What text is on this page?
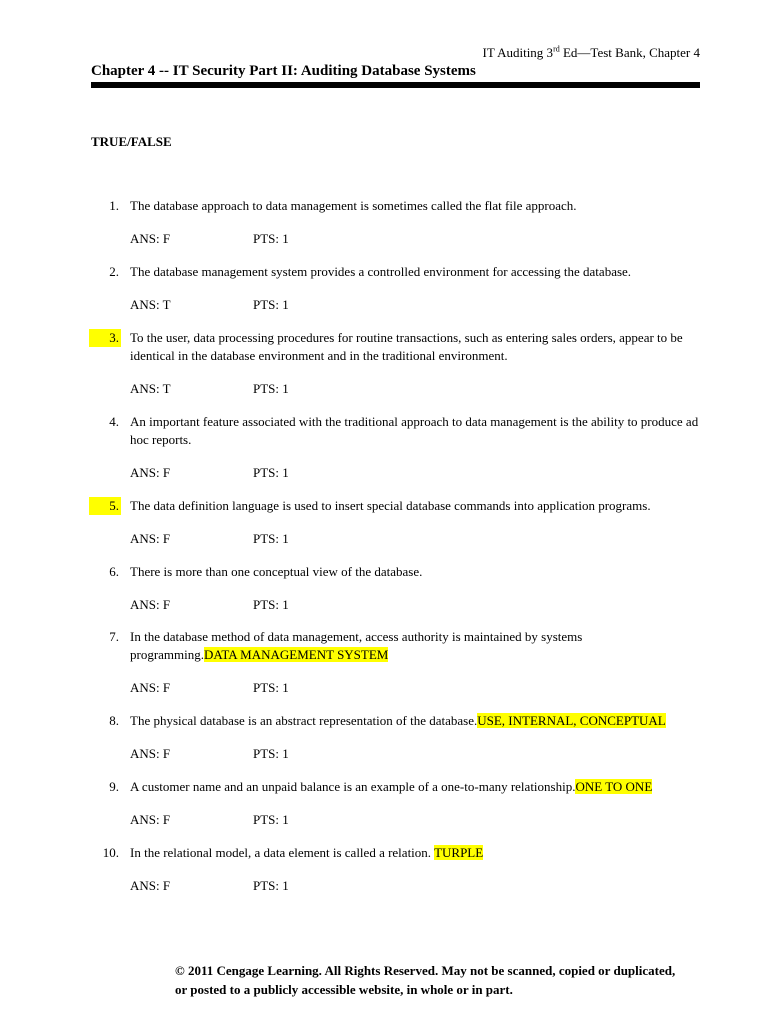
IT Auditing 3rd Ed—Test Bank, Chapter 4
Chapter 4 -- IT Security Part II: Auditing Database Systems
TRUE/FALSE
1. The database approach to data management is sometimes called the flat file approach.
ANS: F	PTS: 1
2. The database management system provides a controlled environment for accessing the database.
ANS: T	PTS: 1
3. To the user, data processing procedures for routine transactions, such as entering sales orders, appear to be identical in the database environment and in the traditional environment.
ANS: T	PTS: 1
4. An important feature associated with the traditional approach to data management is the ability to produce ad hoc reports.
ANS: F	PTS: 1
5. The data definition language is used to insert special database commands into application programs.
ANS: F	PTS: 1
6. There is more than one conceptual view of the database.
ANS: F	PTS: 1
7. In the database method of data management, access authority is maintained by systems programming.DATA MANAGEMENT SYSTEM
ANS: F	PTS: 1
8. The physical database is an abstract representation of the database.USE, INTERNAL, CONCEPTUAL
ANS: F	PTS: 1
9. A customer name and an unpaid balance is an example of a one-to-many relationship.ONE TO ONE
ANS: F	PTS: 1
10. In the relational model, a data element is called a relation. TURPLE
ANS: F	PTS: 1
© 2011 Cengage Learning. All Rights Reserved. May not be scanned, copied or duplicated,
or posted to a publicly accessible website, in whole or in part.
